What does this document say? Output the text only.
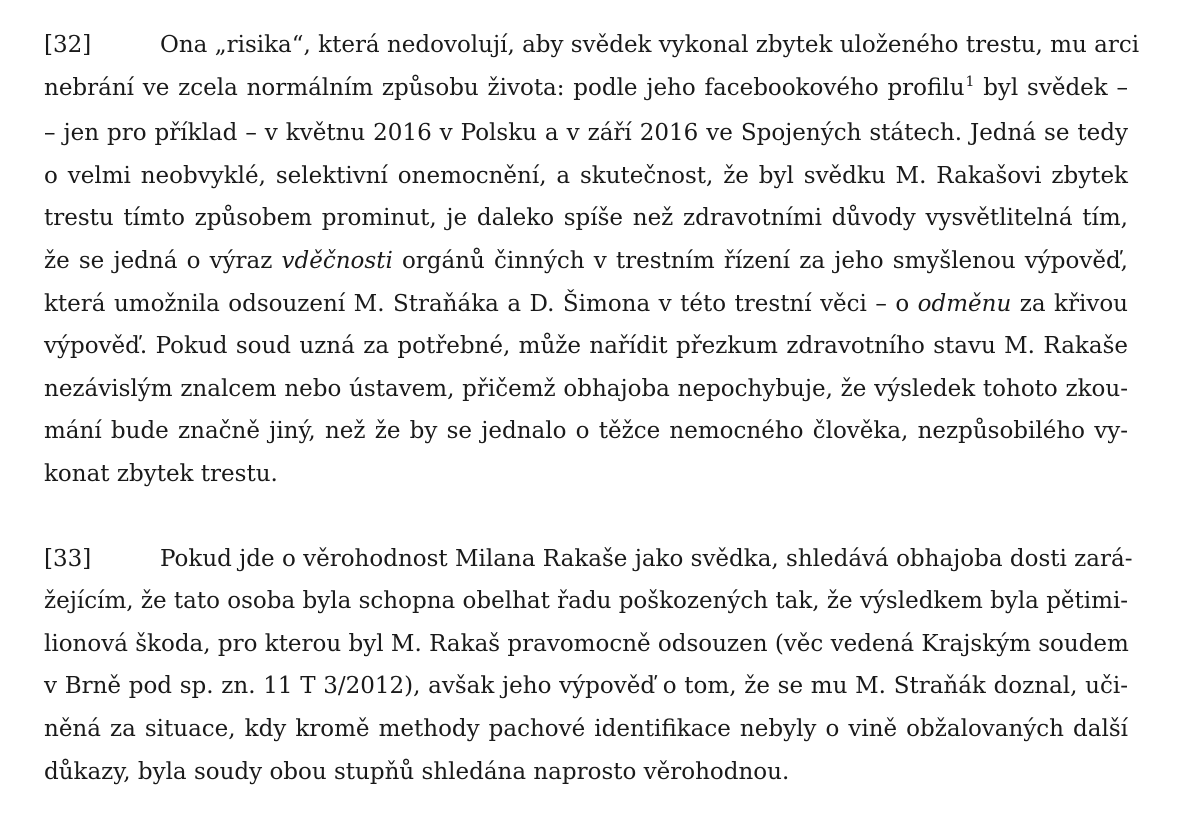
[32]	Ona „risika“, která nedovolují, aby svědek vykonal zbytek uloženého trestu, mu arci
nebrání ve zcela normálním způsobu života: podle jeho facebookového profilu$^1$ byl svědek –
– jen pro příklad – v květnu 2016 v Polsku a v září 2016 ve Spojených státech. Jedná se tedy
o velmi neobvyklé, selektivní onemocnění, a skutečnost, že byl svědku M. Rakašovi zbytek
trestu tímto způsobem prominut, je daleko spíše než zdravotními důvody vysvětlitelná tím,
že se jedná o výraz vděčnosti orgánů činných v trestním řízení za jeho smyšlenou výpověď,
která umožnila odsouzení M. Straňáka a D. Šimona v této trestní věci – o odměnu za křivou
výpověď. Pokud soud uzná za potřebné, může nařídit přezkum zdravotního stavu M. Rakaše
nezávislým znalcem nebo ústavem, přičemž obhajoba nepochybuje, že výsledek tohoto zkou-
mání bude značně jiný, než že by se jednalo o těžce nemocného člověka, nezpůsobilého vy-
konat zbytek trestu.
[33]	Pokud jde o věrohodnost Milana Rakaše jako svědka, shledává obhajoba dosti zará-
žejícím, že tato osoba byla schopna obelhat řadu poškozených tak, že výsledkem byla pětimi-
lionová škoda, pro kterou byl M. Rakaš pravomocně odsouzen (věc vedená Krajským soudem
v Brně pod sp. zn. 11 T 3/2012), avšak jeho výpověď o tom, že se mu M. Straňák doznal, uči-
něná za situace, kdy kromě methody pachové identifikace nebyly o vině obžalovaných další
důkazy, byla soudy obou stupňů shledána naprosto věrohodnou.
